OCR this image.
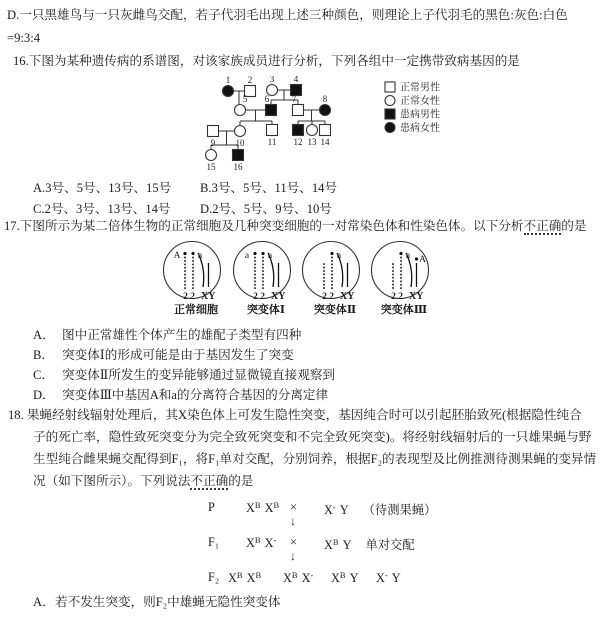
D.一只黑雄鸟与一只灰雌鸟交配，若子代羽毛出现上述三种颜色，则理论上子代羽毛的黑色:灰色:白色
=9:3:4
16.下图为某种遗传病的系谱图，对该家族成员进行分析，下列各组中一定携带致病基因的是
1 2 3 4
5 6	7	8
9 10	11 12 13 14
15 16
正常男性
正常女性
患病男性
患病女性
A.3号、5号、13号、15号 B.3号、5号、11号、14号
C.2号、3号、13号、14号 D.2号、5号、9号、10号
17.下图所示为某二倍体生物的正常细胞及几种突变细胞的一对常染色体和性染色体。以下分析不正确的是
A a
2 2 XY
正常细胞
a a
2 2 XY
突变体Ⅰ
a
2 2 XY
突变体Ⅱ
a
2 2
A
XY
突变体Ⅲ
A． 图中正常雄性个体产生的雄配子类型有四种
B． 突变体Ⅰ的形成可能是由于基因发生了突变
C． 突变体Ⅱ所发生的变异能够通过显微镜直接观察到
D． 突变体Ⅲ中基因A和a的分离符合基因的分离定律
18. 果蝇经射线辐射处理后，其X染色体上可发生隐性突变，基因纯合时可以引起胚胎致死(根据隐性纯合
子的死亡率，隐性致死突变分为完全致死突变和不完全致死突变)。将经射线辐射后的一只雄果蝇与野
生型纯合雌果蝇交配得到F₁，将F₁单对交配，分别饲养，根据F₂的表现型及比例推测待测果蝇的变异情
况（如下图所示）。下列说法不正确的是
P	$X^B$ $X^B \times X^-$ Y （待测果蝇）
↓
F₁ $X^B$ X-	× $X^B$ Y 单对交配
↓
F₂ $X^B$ $X^B$	$X^B$ X-	$X^B$ Y	X- Y
A．若不发生突变，则F₂中雄蝇无隐性突变体
